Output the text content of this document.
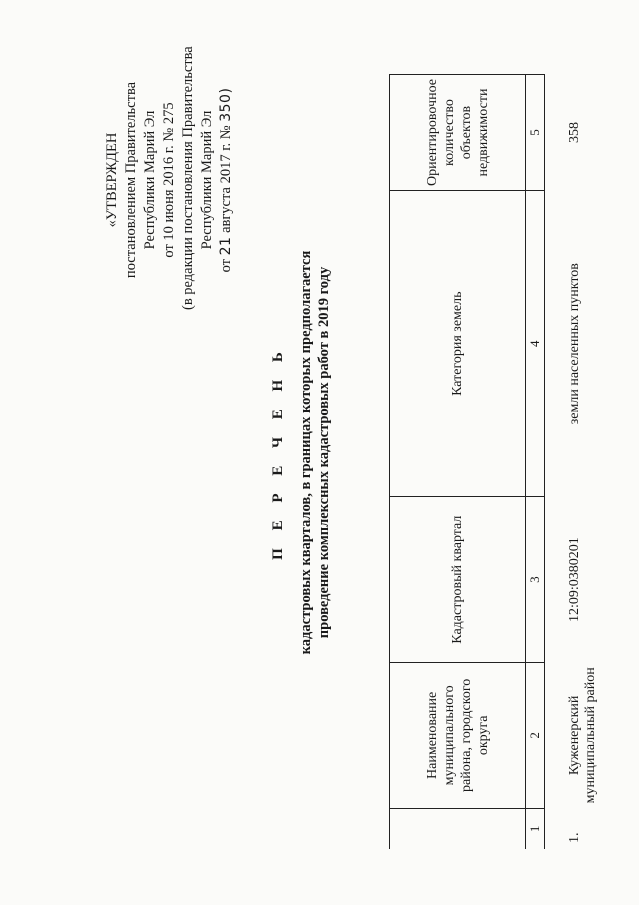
«УТВЕРЖДЕН постановлением Правительства Республики Марий Эл от 10 июня 2016 г. № 275 (в редакции постановления Правительства Республики Марий Эл
от 21 августа 2017 г. № 350)
П Е Р Е Ч Е Н Ь кадастровых кварталов, в границах которых предполагается проведение комплексных кадастровых работ в 2019 году
	Наименование муниципального района, городского округа	Кадастровый квартал	Категория земель	Ориентировочное количество объектов недвижимости
1	2	3	4	5
1.	Куженерский муниципальный район	12:09:0380201	земли населенных пунктов	358
